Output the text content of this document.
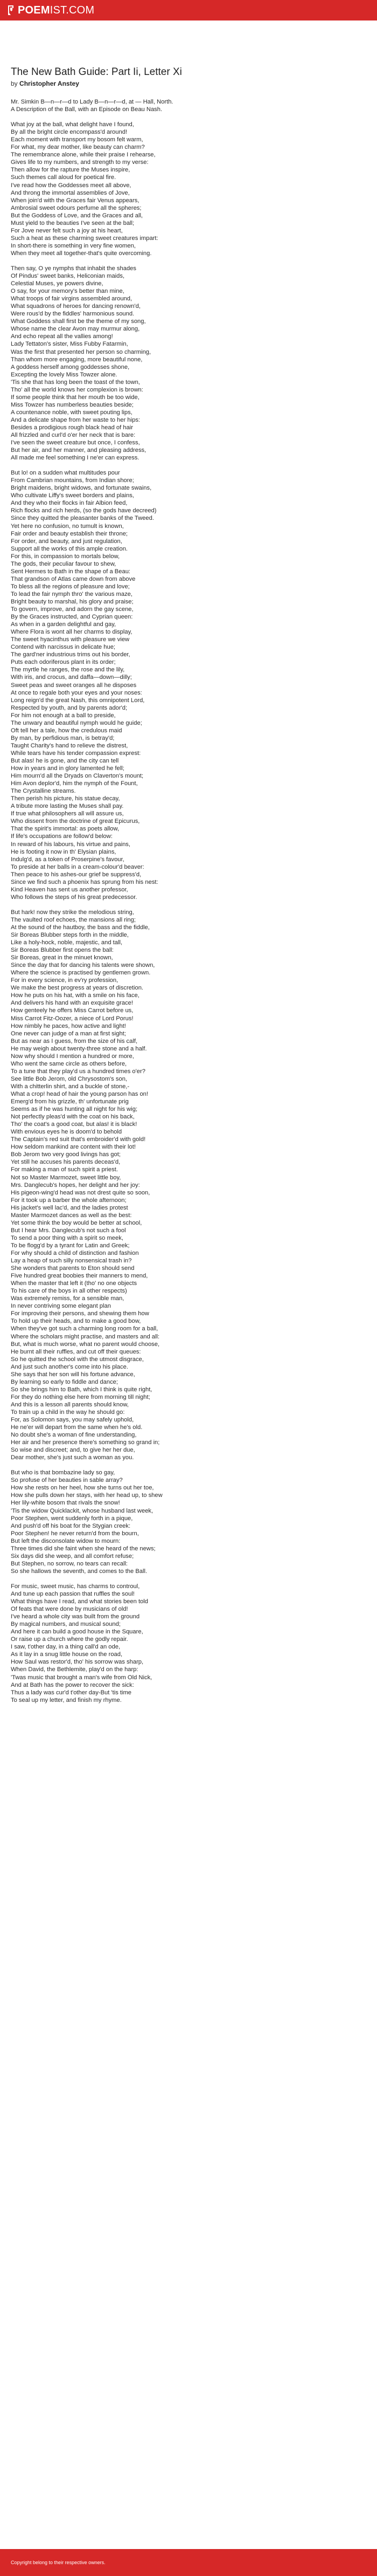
POEM IST.COM
The New Bath Guide: Part Ii, Letter Xi
by Christopher Anstey
Mr. Simkin B—n—r—d to Lady B—n—r—d, at — Hall, North.
A Description of the Ball, with an Episode on Beau Nash.

What joy at the ball, what delight have I found,
By all the bright circle encompass'd around!
Each moment with transport my bosom felt warm,
For what, my dear mother, like beauty can charm?
The remembrance alone, while their praise I rehearse,
Gives life to my numbers, and strength to my verse:
Then allow for the rapture the Muses inspire,
Such themes call aloud for poetical fire.
I've read how the Goddesses meet all above,
And throng the immortal assemblies of Jove,
When join'd with the Graces fair Venus appears,
Ambrosial sweet odours perfume all the spheres;
But the Goddess of Love, and the Graces and all,
Must yield to the beauties I've seen at the ball;
For Jove never felt such a joy at his heart,
Such a heat as these charming sweet creatures impart:
In short-there is something in very fine women,
When they meet all together-that's quite overcoming.
Then say, O ye nymphs that inhabit the shades
Of Pindus' sweet banks, Heliconian maids,
Celestial Muses, ye powers divine,
O say, for your memory's better than mine,
What troops of fair virgins assembled around,
What squadrons of heroes for dancing renown'd,
Were rous'd by the fiddles' harmonious sound.
What Goddess shall first be the theme of my song,
Whose name the clear Avon may murmur along,
And echo repeat all the vallies among!
Lady Tettaton's sister, Miss Fubby Fatarmin,
Was the first that presented her person so charming,
Than whom more engaging, more beautiful none,
A goddess herself among goddesses shone,
Excepting the lovely Miss Towzer alone.
'Tis she that has long been the toast of the town,
Tho' all the world knows her complexion is brown:
If some people think that her mouth be too wide,
Miss Towzer has numberless beauties beside;
A countenance noble, with sweet pouting lips,
And a delicate shape from her waste to her hips:
Besides a prodigious rough black head of hair
All frizzled and curl'd o'er her neck that is bare:
I've seen the sweet creature but once, I confess,
But her air, and her manner, and pleasing address,
All made me feel something I ne'er can express.
But lo! on a sudden what multitudes pour
From Cambrian mountains, from Indian shore;
Bright maidens, bright widows, and fortunate swains,
Who cultivate Liffy's sweet borders and plains,
And they who their flocks in fair Albion feed,
Rich flocks and rich herds, (so the gods have decreed)
Since they quitted the pleasanter banks of the Tweed.
Yet here no confusion, no tumult is known,
Fair order and beauty establish their throne;
For order, and beauty, and just regulation,
Support all the works of this ample creation.
For this, in compassion to mortals below,
The gods, their peculiar favour to shew,
Sent Hermes to Bath in the shape of a Beau:
That grandson of Atlas came down from above
To bless all the regions of pleasure and love;
To lead the fair nymph thro' the various maze,
Bright beauty to marshal, his glory and praise;
To govern, improve, and adorn the gay scene,
By the Graces instructed, and Cyprian queen:
As when in a garden delightful and gay,
Where Flora is wont all her charms to display,
The sweet hyacinthus with pleasure we view
Contend with narcissus in delicate hue;
The gard'ner industrious trims out his border,
Puts each odoriferous plant in its order;
The myrtle he ranges, the rose and the lily,
With iris, and crocus, and daffa—down—dilly;
Sweet peas and sweet oranges all he disposes
At once to regale both your eyes and your noses:
Long reign'd the great Nash, this omnipotent Lord,
Respected by youth, and by parents ador'd;
For him not enough at a ball to preside,
The unwary and beautiful nymph would he guide;
Oft tell her a tale, how the credulous maid
By man, by perfidious man, is betray'd;
Taught Charity's hand to relieve the distrest,
While tears have his tender compassion exprest:
But alas! he is gone, and the city can tell
How in years and in glory lamented he fell;
Him mourn'd all the Dryads on Claverton's mount;
Him Avon deplor'd, him the nymph of the Fount,
The Crystalline streams.
Then perish his picture, his statue decay,
A tribute more lasting the Muses shall pay.
If true what philosophers all will assure us,
Who dissent from the doctrine of great Epicurus,
That the spirit's immortal: as poets allow,
If life's occupations are follow'd below:
In reward of his labours, his virtue and pains,
He is footing it now in th' Elysian plains,
Indulg'd, as a token of Proserpine's favour,
To preside at her balls in a cream-colour'd beaver:
Then peace to his ashes-our grief be suppress'd,
Since we find such a phoenix has sprung from his nest:
Kind Heaven has sent us another professor,
Who follows the steps of his great predecessor.
But hark! now they strike the melodious string,
The vaulted roof echoes, the mansions all ring;
At the sound of the hautboy, the bass and the fiddle,
Sir Boreas Blubber steps forth in the middle,
Like a holy-hock, noble, majestic, and tall,
Sir Boreas Blubber first opens the ball:
Sir Boreas, great in the minuet known,
Since the day that for dancing his talents were shown,
Where the science is practised by gentlemen grown.
For in every science, in ev'ry profession,
We make the best progress at years of discretion.
How he puts on his hat, with a smile on his face,
And delivers his hand with an exquisite grace!
How genteely he offers Miss Carrot before us,
Miss Carrot Fitz-Oozer, a niece of Lord Porus!
How nimbly he paces, how active and light!
One never can judge of a man at first sight;
But as near as I guess, from the size of his calf,
He may weigh about twenty-three stone and a half.
Now why should I mention a hundred or more,
Who went the same circle as others before,
To a tune that they play'd us a hundred times o'er?
See little Bob Jerom, old Chrysostom's son,
With a chitterlin shirt, and a buckle of stone,-
What a crop! head of hair the young parson has on!
Emerg'd from his grizzle, th' unfortunate prig
Seems as if he was hunting all night for his wig;
Not perfectly pleas'd with the coat on his back,
Tho' the coat's a good coat, but alas! it is black!
With envious eyes he is doom'd to behold
The Captain's red suit that's embroider'd with gold!
How seldom mankind are content with their lot!
Bob Jerom two very good livings has got;
Yet still he accuses his parents deceas'd,
For making a man of such spirit a priest.
Not so Master Marmozet, sweet little boy,
Mrs. Danglecub's hopes, her delight and her joy:
His pigeon-wing'd head was not drest quite so soon,
For it took up a barber the whole afternoon;
His jacket's well lac'd, and the ladies protest
Master Marmozet dances as well as the best:
Yet some think the boy would be better at school,
But I hear Mrs. Danglecub's not such a fool
To send a poor thing with a spirit so meek,
To be flogg'd by a tyrant for Latin and Greek;
For why should a child of distinction and fashion
Lay a heap of such silly nonsensical trash in?
She wonders that parents to Eton should send
Five hundred great boobies their manners to mend,
When the master that left it (tho' no one objects
To his care of the boys in all other respects)
Was extremely remiss, for a sensible man,
In never contriving some elegant plan
For improving their persons, and shewing them how
To hold up their heads, and to make a good bow,
When they've got such a charming long room for a ball,
Where the scholars might practise, and masters and all:
But, what is much worse, what no parent would choose,
He burnt all their ruffles, and cut off their queues:
So he quitted the school with the utmost disgrace,
And just such another's come into his place.
She says that her son will his fortune advance,
By learning so early to fiddle and dance;
So she brings him to Bath, which I think is quite right,
For they do nothing else here from morning till night;
And this is a lesson all parents should know,
To train up a child in the way he should go:
For, as Solomon says, you may safely uphold,
He ne'er will depart from the same when he's old.
No doubt she's a woman of fine understanding,
Her air and her presence there's something so grand in;
So wise and discreet; and, to give her her due,
Dear mother, she's just such a woman as you.
But who is that bombazine lady so gay,
So profuse of her beauties in sable array?
How she rests on her heel, how she turns out her toe,
How she pulls down her stays, with her head up, to shew
Her lily-white bosom that rivals the snow!
'Tis the widow Quicklackit, whose husband last week,
Poor Stephen, went suddenly forth in a pique,
And push'd off his boat for the Stygian creek:
Poor Stephen! he never return'd from the bourn,
But left the disconsolate widow to mourn:
Three times did she faint when she heard of the news;
Six days did she weep, and all comfort refuse;
But Stephen, no sorrow, no tears can recall:
So she hallows the seventh, and comes to the Ball.
For music, sweet music, has charms to controul,
And tune up each passion that ruffles the soul!
What things have I read, and what stories been told
Of feats that were done by musicians of old!
I've heard a whole city was built from the ground
By magical numbers, and musical sound;
And here it can build a good house in the Square,
Or raise up a church where the godly repair.
I saw, t'other day, in a thing call'd an ode,
As it lay in a snug little house on the road,
How Saul was restor'd, tho' his sorrow was sharp,
When David, the Bethlemite, play'd on the harp:
'Twas music that brought a man's wife from Old Nick,
And at Bath has the power to recover the sick:
Thus a lady was cur'd t'other day-But 'tis time
To seal up my letter, and finish my rhyme.
Copyright belong to their respective owners.
